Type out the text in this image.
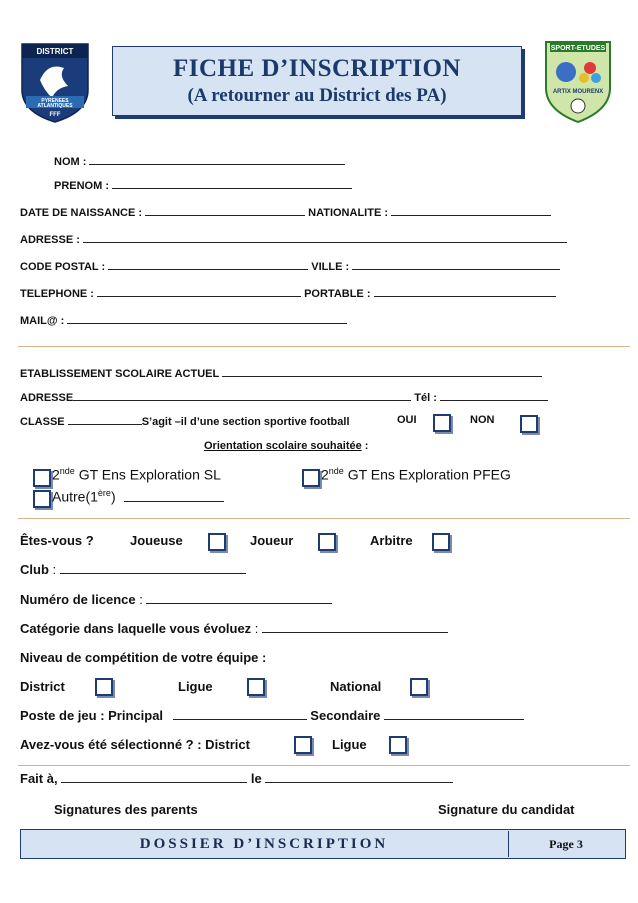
DISTRICT
PYRENEES
ATLANTIQUES
FFF
FICHE D’INSCRIPTION
(A retourner au District des PA)
SPORT-ETUDES
ARTIX MOURENX
NOM :
PRENOM :
DATE DE NAISSANCE :	NATIONALITE :
ADRESSE :
CODE POSTAL :	VILLE :
TELEPHONE :	PORTABLE :
MAIL@ :
ETABLISSEMENT SCOLAIRE ACTUEL
ADRESSE	Tél :
CLASSE	S’agit –il d’une section sportive football	OUI	NON
Orientation scolaire souhaitée :
2nde GT Ens Exploration SL	2nde GT Ens Exploration PFEG
Autre(1ère)
Êtes-vous ?	Joueuse	Joueur	Arbitre
Club :
Numéro de licence :
Catégorie dans laquelle vous évoluez :
Niveau de compétition de votre équipe :
District	Ligue	National
Poste de jeu : Principal	Secondaire
Avez-vous été sélectionné ? : District	Ligue
Fait à,	le
Signatures des parents	Signature du candidat
DOSSIER D’INSCRIPTION	Page 3
